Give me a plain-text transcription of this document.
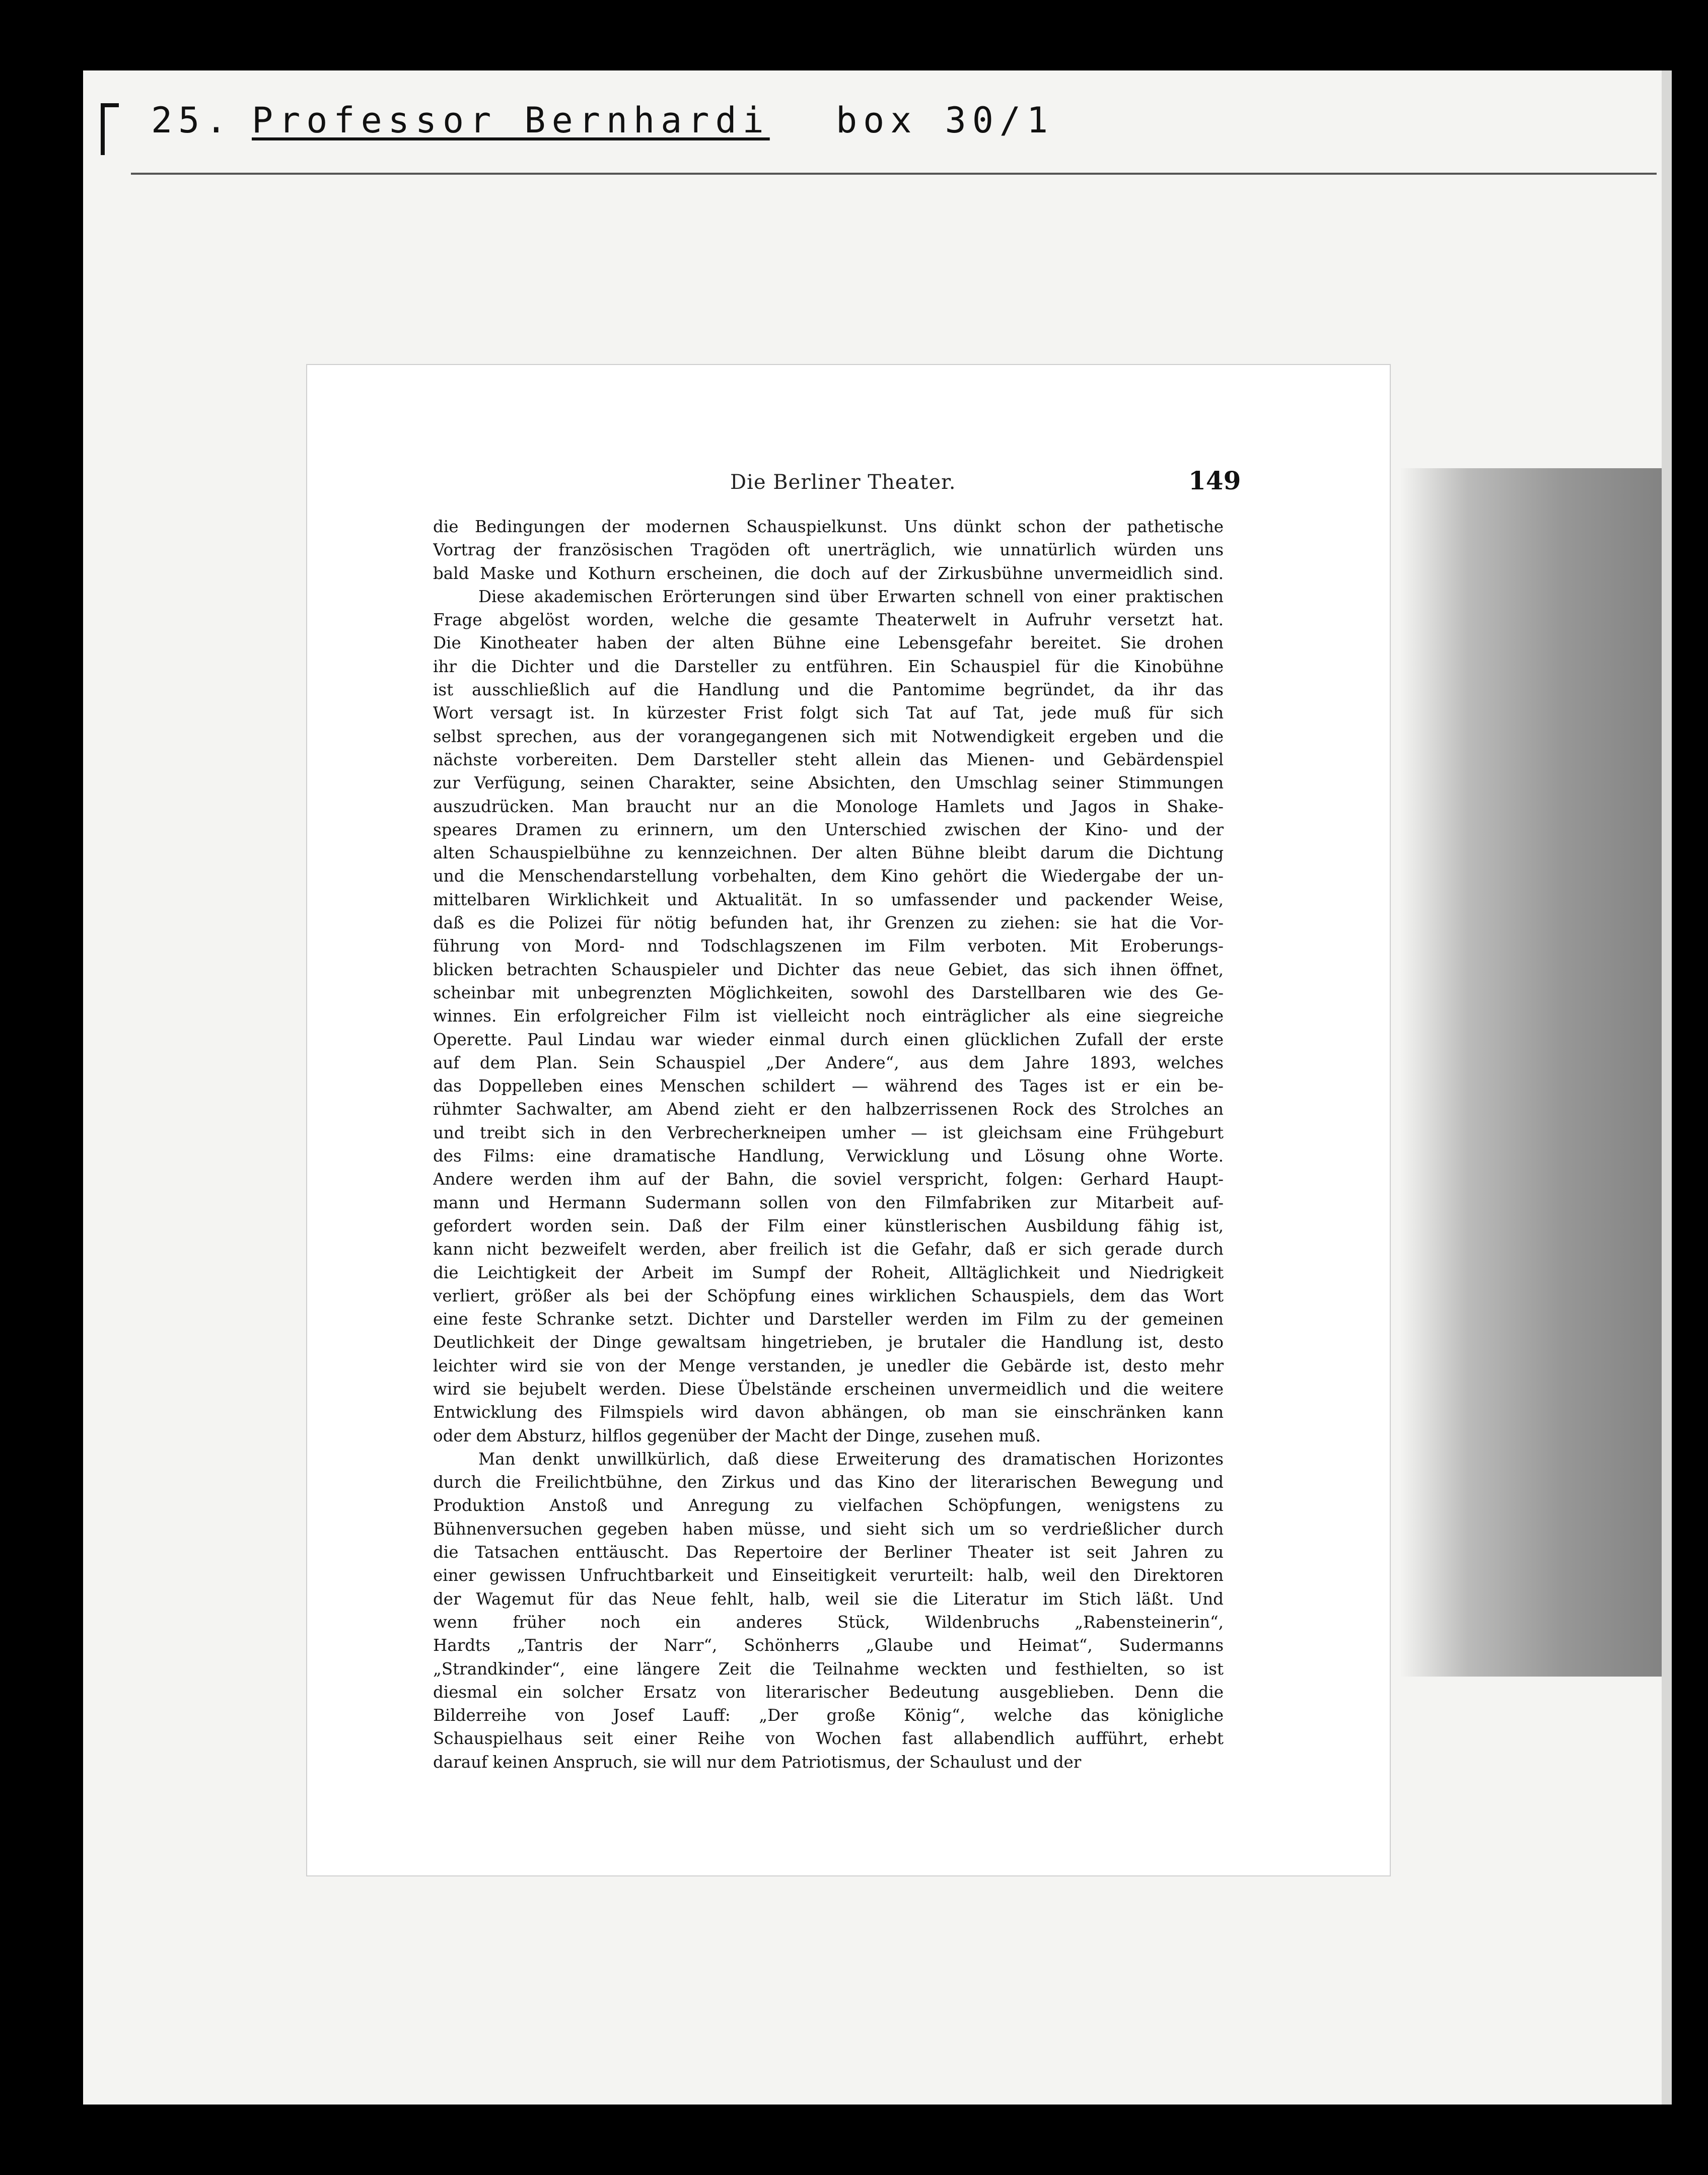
25. Professor Bernhardi box 30/1
Die Berliner Theater.	149
die Bedingungen der modernen Schauspielkunst. Uns dünkt schon der pathetische
Vortrag der französischen Tragöden oft unerträglich, wie unnatürlich würden uns
bald Maske und Kothurn erscheinen, die doch auf der Zirkusbühne unvermeidlich sind.
Diese akademischen Erörterungen sind über Erwarten schnell von einer praktischen
Frage abgelöst worden, welche die gesamte Theaterwelt in Aufruhr versetzt hat.
Die Kinotheater haben der alten Bühne eine Lebensgefahr bereitet. Sie drohen
ihr die Dichter und die Darsteller zu entführen. Ein Schauspiel für die Kinobühne
ist ausschließlich auf die Handlung und die Pantomime begründet, da ihr das
Wort versagt ist. In kürzester Frist folgt sich Tat auf Tat, jede muß für sich
selbst sprechen, aus der vorangegangenen sich mit Notwendigkeit ergeben und die
nächste vorbereiten. Dem Darsteller steht allein das Mienen- und Gebärdenspiel
zur Verfügung, seinen Charakter, seine Absichten, den Umschlag seiner Stimmungen
auszudrücken. Man braucht nur an die Monologe Hamlets und Jagos in Shake-
speares Dramen zu erinnern, um den Unterschied zwischen der Kino- und der
alten Schauspielbühne zu kennzeichnen. Der alten Bühne bleibt darum die Dichtung
und die Menschendarstellung vorbehalten, dem Kino gehört die Wiedergabe der un-
mittelbaren Wirklichkeit und Aktualität. In so umfassender und packender Weise,
daß es die Polizei für nötig befunden hat, ihr Grenzen zu ziehen: sie hat die Vor-
führung von Mord- nnd Todschlagszenen im Film verboten. Mit Eroberungs-
blicken betrachten Schauspieler und Dichter das neue Gebiet, das sich ihnen öffnet,
scheinbar mit unbegrenzten Möglichkeiten, sowohl des Darstellbaren wie des Ge-
winnes. Ein erfolgreicher Film ist vielleicht noch einträglicher als eine siegreiche
Operette. Paul Lindau war wieder einmal durch einen glücklichen Zufall der erste
auf dem Plan. Sein Schauspiel „Der Andere“, aus dem Jahre 1893, welches
das Doppelleben eines Menschen schildert — während des Tages ist er ein be-
rühmter Sachwalter, am Abend zieht er den halbzerrissenen Rock des Strolches an
und treibt sich in den Verbrecherkneipen umher — ist gleichsam eine Frühgeburt
des Films: eine dramatische Handlung, Verwicklung und Lösung ohne Worte.
Andere werden ihm auf der Bahn, die soviel verspricht, folgen: Gerhard Haupt-
mann und Hermann Sudermann sollen von den Filmfabriken zur Mitarbeit auf-
gefordert worden sein. Daß der Film einer künstlerischen Ausbildung fähig ist,
kann nicht bezweifelt werden, aber freilich ist die Gefahr, daß er sich gerade durch
die Leichtigkeit der Arbeit im Sumpf der Roheit, Alltäglichkeit und Niedrigkeit
verliert, größer als bei der Schöpfung eines wirklichen Schauspiels, dem das Wort
eine feste Schranke setzt. Dichter und Darsteller werden im Film zu der gemeinen
Deutlichkeit der Dinge gewaltsam hingetrieben, je brutaler die Handlung ist, desto
leichter wird sie von der Menge verstanden, je unedler die Gebärde ist, desto mehr
wird sie bejubelt werden. Diese Übelstände erscheinen unvermeidlich und die weitere
Entwicklung des Filmspiels wird davon abhängen, ob man sie einschränken kann
oder dem Absturz, hilflos gegenüber der Macht der Dinge, zusehen muß.
Man denkt unwillkürlich, daß diese Erweiterung des dramatischen Horizontes
durch die Freilichtbühne, den Zirkus und das Kino der literarischen Bewegung und
Produktion Anstoß und Anregung zu vielfachen Schöpfungen, wenigstens zu
Bühnenversuchen gegeben haben müsse, und sieht sich um so verdrießlicher durch
die Tatsachen enttäuscht. Das Repertoire der Berliner Theater ist seit Jahren zu
einer gewissen Unfruchtbarkeit und Einseitigkeit verurteilt: halb, weil den Direktoren
der Wagemut für das Neue fehlt, halb, weil sie die Literatur im Stich läßt. Und
wenn früher noch ein anderes Stück, Wildenbruchs „Rabensteinerin“,
Hardts „Tantris der Narr“, Schönherrs „Glaube und Heimat“, Sudermanns
„Strandkinder“, eine längere Zeit die Teilnahme weckten und festhielten, so ist
diesmal ein solcher Ersatz von literarischer Bedeutung ausgeblieben. Denn die
Bilderreihe von Josef Lauff: „Der große König“, welche das königliche
Schauspielhaus seit einer Reihe von Wochen fast allabendlich aufführt, erhebt
darauf keinen Anspruch, sie will nur dem Patriotismus, der Schaulust und der
